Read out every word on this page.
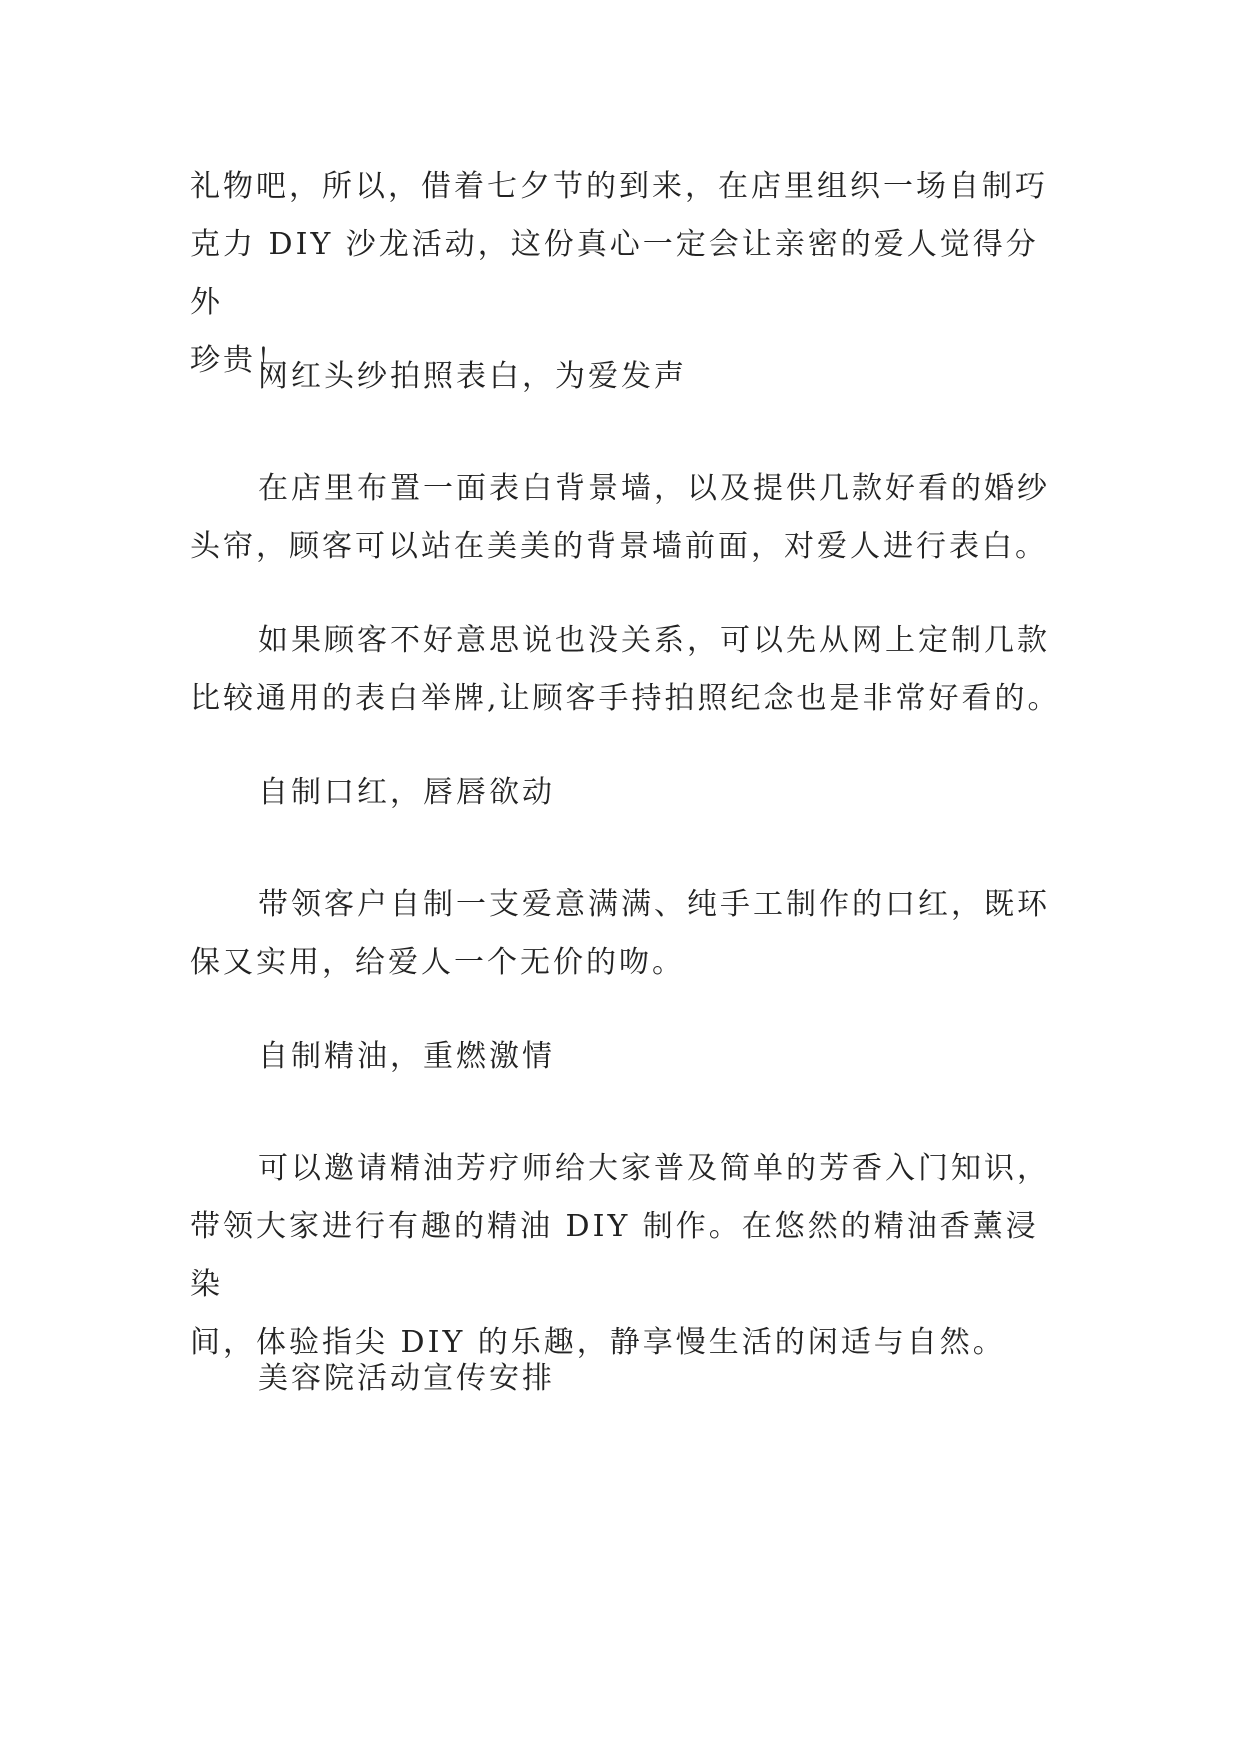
礼物吧，所以，借着七夕节的到来，在店里组织一场自制巧
克力 DIY 沙龙活动，这份真心一定会让亲密的爱人觉得分外
珍贵！

网红头纱拍照表白，为爱发声

在店里布置一面表白背景墙，以及提供几款好看的婚纱
头帘，顾客可以站在美美的背景墙前面，对爱人进行表白。

如果顾客不好意思说也没关系，可以先从网上定制几款
比较通用的表白举牌,让顾客手持拍照纪念也是非常好看的。

自制口红，唇唇欲动

带领客户自制一支爱意满满、纯手工制作的口红，既环
保又实用，给爱人一个无价的吻。

自制精油，重燃激情

可以邀请精油芳疗师给大家普及简单的芳香入门知识，
带领大家进行有趣的精油 DIY 制作。在悠然的精油香薰浸染
间，体验指尖 DIY 的乐趣，静享慢生活的闲适与自然。

美容院活动宣传安排
